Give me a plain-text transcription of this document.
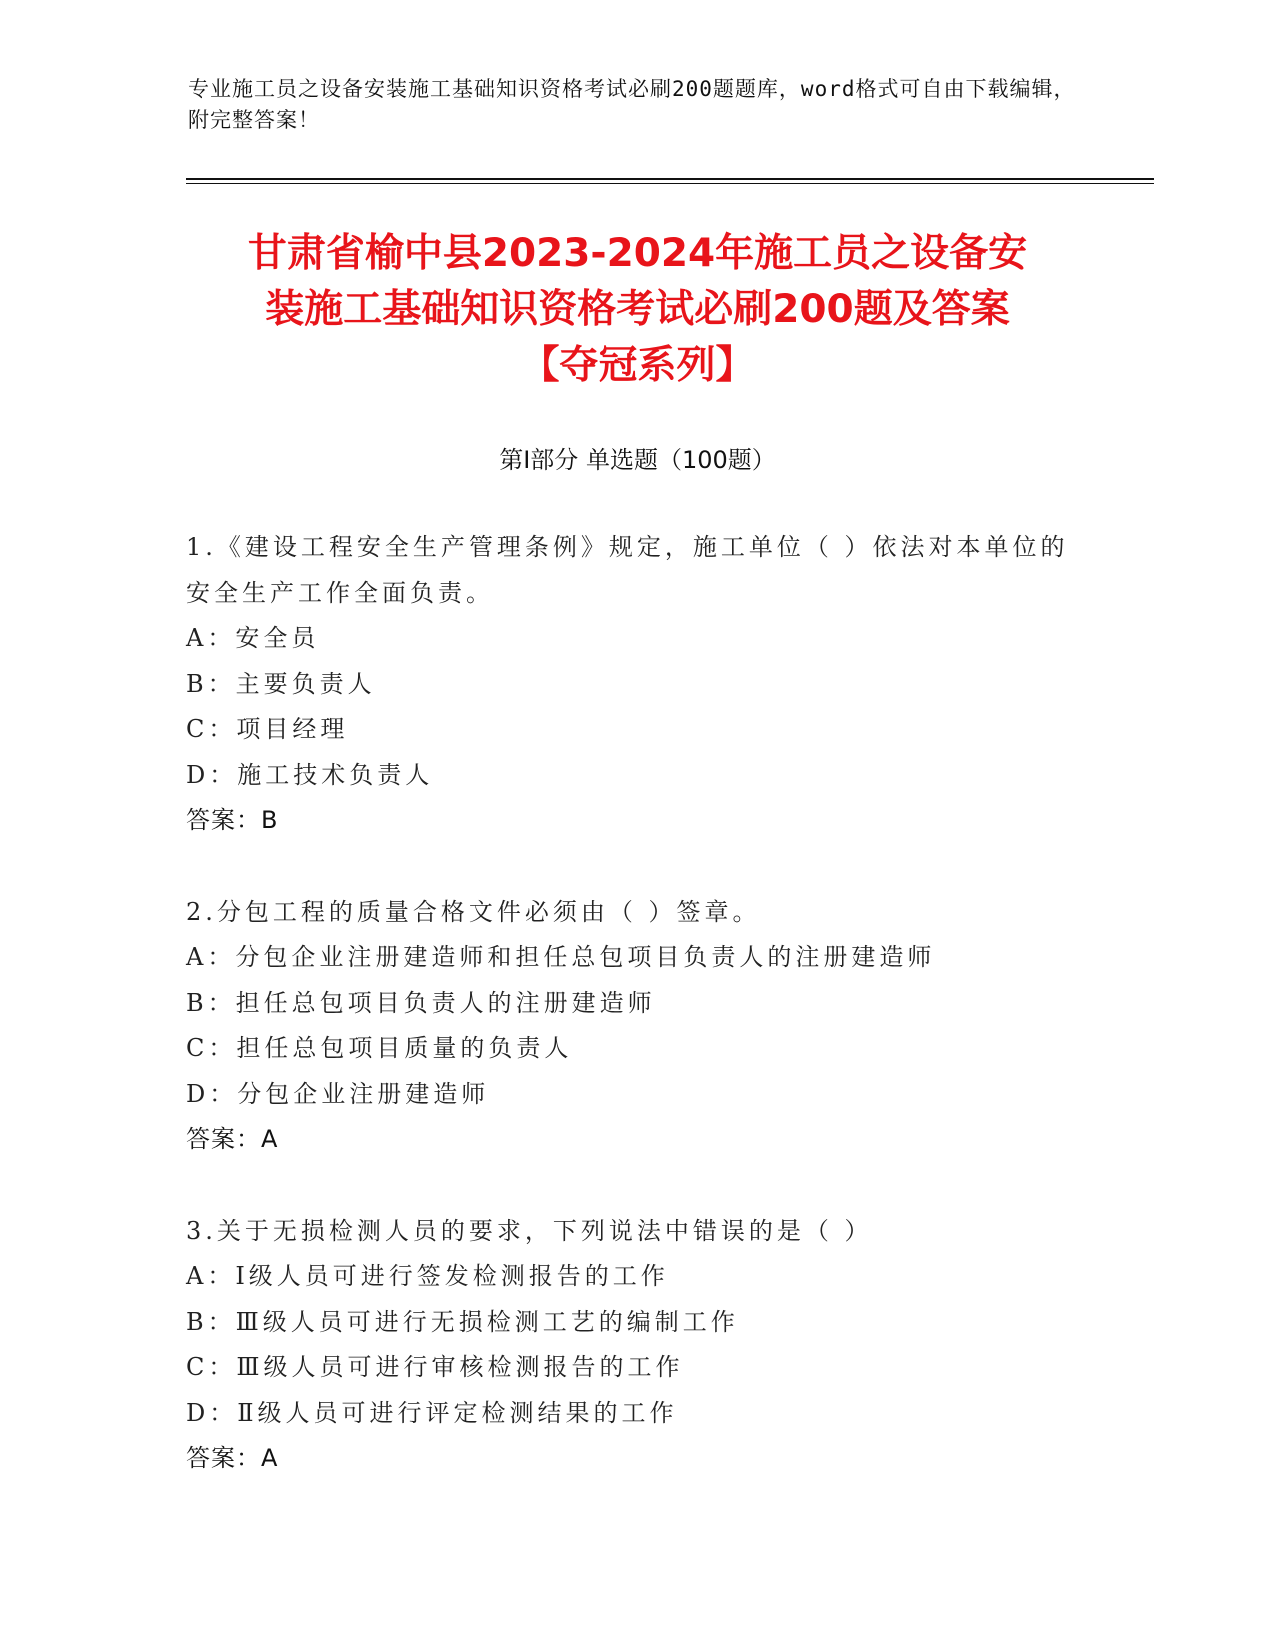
专业施工员之设备安装施工基础知识资格考试必刷200题题库，word格式可自由下载编辑，附完整答案！
甘肃省榆中县2023-2024年施工员之设备安
装施工基础知识资格考试必刷200题及答案
【夺冠系列】
第Ⅰ部分 单选题（100题）
1.《建设工程安全生产管理条例》规定，施工单位（ ）依法对本单位的安全生产工作全面负责。
A：安全员
B：主要负责人
C：项目经理
D：施工技术负责人
答案：B
2.分包工程的质量合格文件必须由（ ）签章。
A：分包企业注册建造师和担任总包项目负责人的注册建造师
B：担任总包项目负责人的注册建造师
C：担任总包项目质量的负责人
D：分包企业注册建造师
答案：A
3.关于无损检测人员的要求，下列说法中错误的是（ ）
A：Ⅰ级人员可进行签发检测报告的工作
B：Ⅲ级人员可进行无损检测工艺的编制工作
C：Ⅲ级人员可进行审核检测报告的工作
D：Ⅱ级人员可进行评定检测结果的工作
答案：A
